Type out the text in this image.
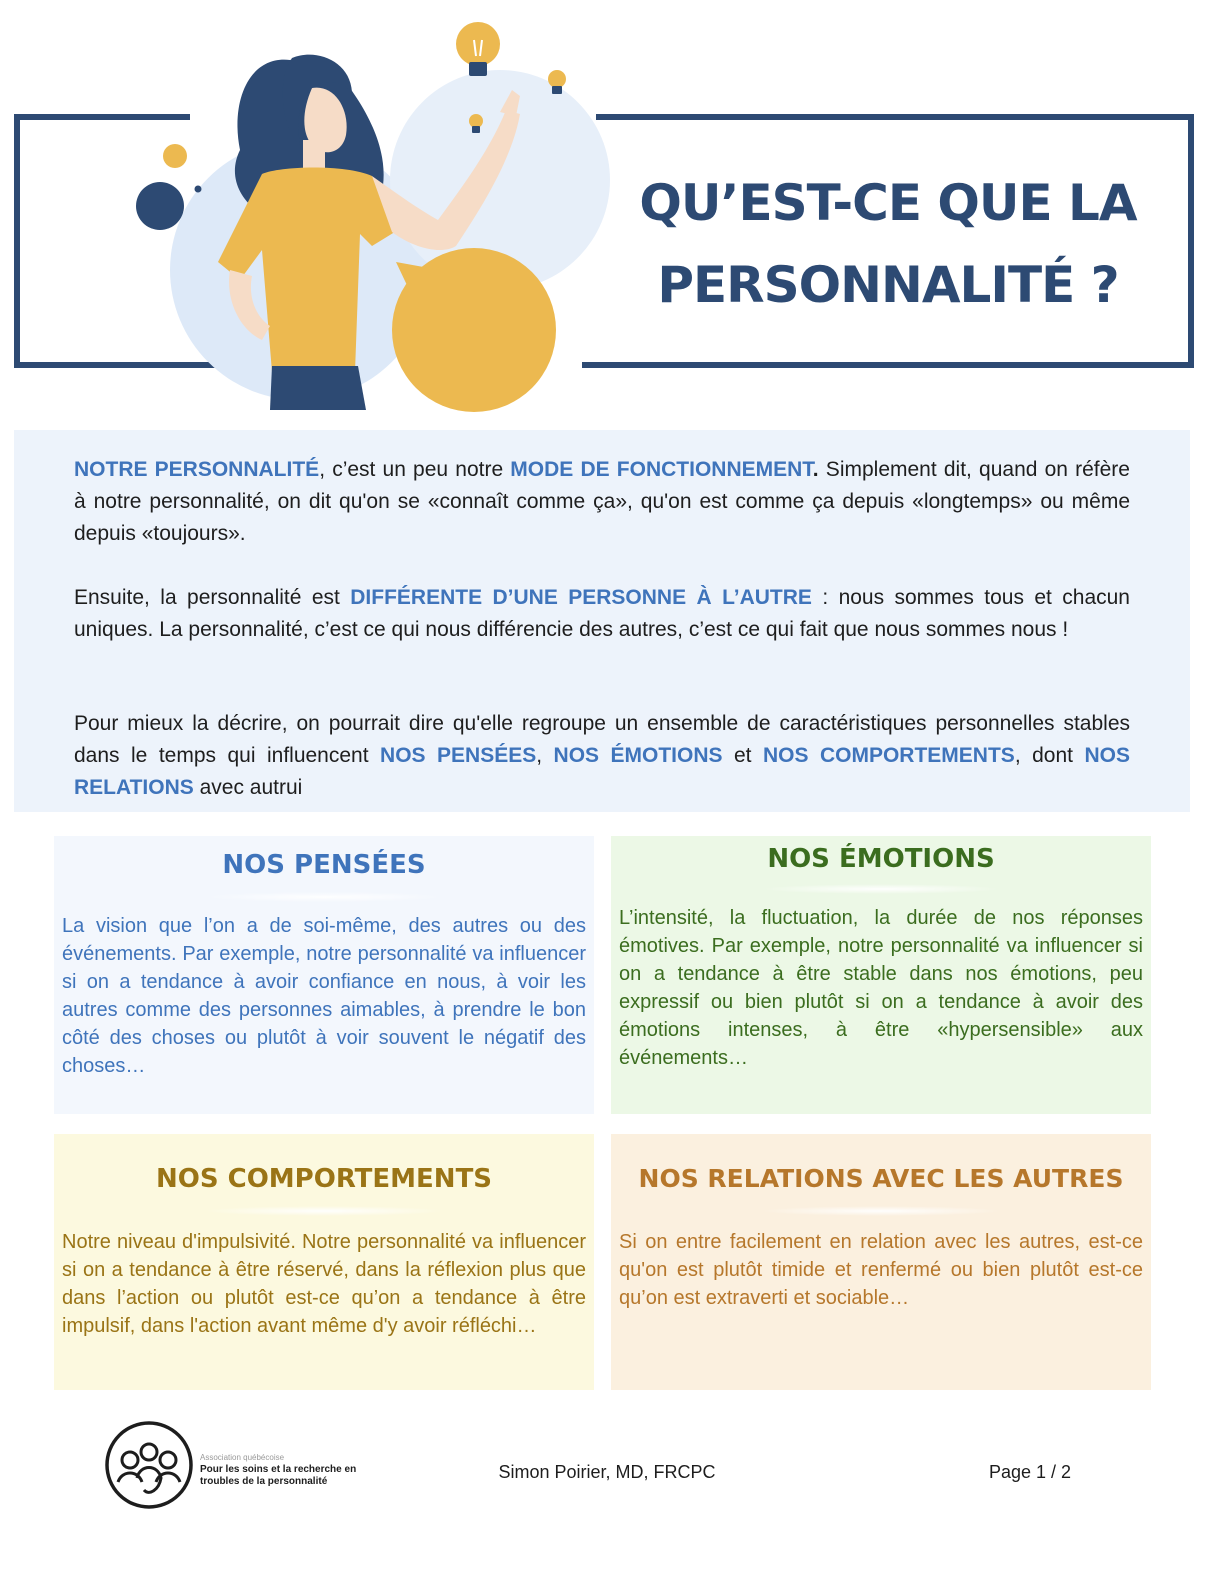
QU’EST-CE QUE LA
PERSONNALITÉ ?

NOTRE PERSONNALITÉ, c’est un peu notre MODE DE FONCTIONNEMENT. Simplement dit, quand on réfère à notre personnalité, on dit qu'on se «connaît comme ça», qu'on est comme ça depuis «longtemps» ou même depuis «toujours».

Ensuite, la personnalité est DIFFÉRENTE D’UNE PERSONNE À L’AUTRE : nous sommes tous et chacun uniques. La personnalité, c’est ce qui nous différencie des autres, c’est ce qui fait que nous sommes nous !

Pour mieux la décrire, on pourrait dire qu'elle regroupe un ensemble de caractéristiques personnelles stables dans le temps qui influencent NOS PENSÉES, NOS ÉMOTIONS et NOS COMPORTEMENTS, dont NOS RELATIONS avec autrui

NOS PENSÉES

La vision que l’on a de soi-même, des autres ou des événements. Par exemple, notre personnalité va influencer si on a tendance à avoir confiance en nous, à voir les autres comme des personnes aimables, à prendre le bon côté des choses ou plutôt à voir souvent le négatif des choses…

NOS ÉMOTIONS

L’intensité, la fluctuation, la durée de nos réponses émotives. Par exemple, notre personnalité va influencer si on a tendance à être stable dans nos émotions, peu expressif ou bien plutôt si on a tendance à avoir des émotions intenses, à être «hypersensible» aux événements…

NOS COMPORTEMENTS

Notre niveau d'impulsivité. Notre personnalité va influencer si on a tendance à être réservé, dans la réflexion plus que dans l’action ou plutôt est-ce qu’on a tendance à être impulsif, dans l'action avant même d'y avoir réfléchi…

NOS RELATIONS AVEC LES AUTRES

Si on entre facilement en relation avec les autres, est-ce qu'on est plutôt timide et renfermé ou bien plutôt est-ce qu’on est extraverti et sociable…

Association québécoise
Pour les soins et la recherche en
troubles de la personnalité	Simon Poirier, MD, FRCPC	Page 1 / 2
